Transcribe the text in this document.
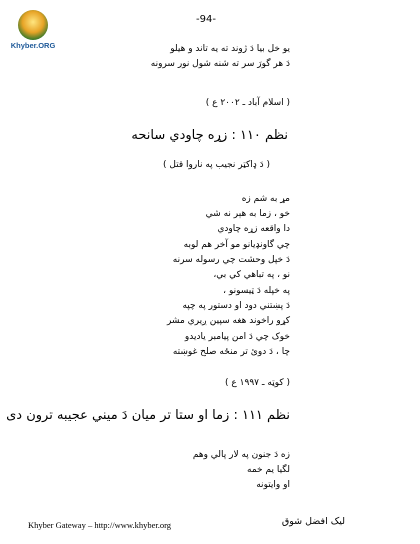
Khyber.ORG
-94-
يو خل بيا دَ ژوند ته يه تاند و هيلو
دَ هر گورَ سر ته شنه شول نور سرونه
( اسلام آباد ـ ۲۰۰۲ ع )
نظم ۱۱۰ : زړه چاودي سانحه
( دَ ډاکټر نجيب په ناروا قتل )
مړ به شم زه
خو ، زما به هېر نه شي
دا واقعه زړه چاودي
چي گاونډيانو مو آخر هم لوبه
دَ خپل وحشت چي رسوله سرنه
نو ، په تباهي کي بي،
په خپله دَ ټيسونو ،
دَ پښتني دود او دستور په چپه
کړو راخوند هغه سپين ږيري مشر
خوک چي دَ امن پيامبر ياديدو
چا ، دَ دوئ تر منځه صلح غوښته
( کوټه ـ ۱۹۹۷ ع )
نظم ۱۱۱ : زما او ستا تر ميان دَ ميني عجيبه ترون دی
زه دَ جنون په لار پالي وهم
لگيا يم خمه
او وايتونه
Khyber Gateway – http://www.khyber.org	ليک افضل شوق
